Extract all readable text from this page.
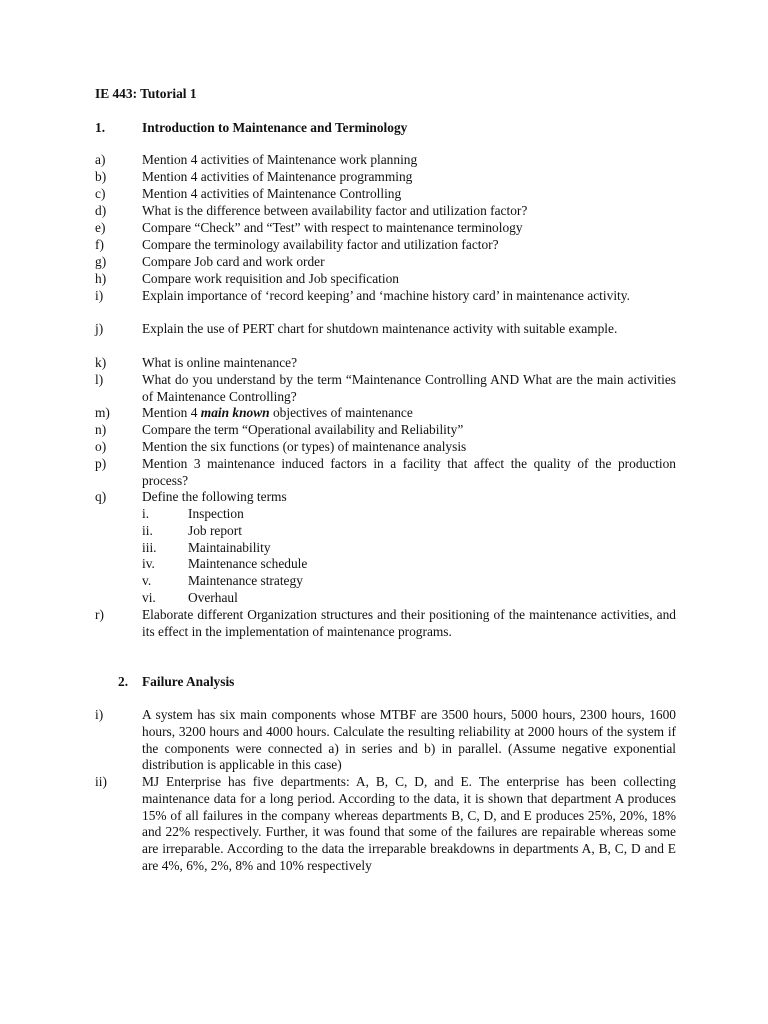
IE 443: Tutorial 1
1.	Introduction to Maintenance and Terminology
a)	Mention 4 activities of Maintenance work planning
b)	Mention 4 activities of Maintenance programming
c)	Mention 4 activities of Maintenance Controlling
d)	What is the difference between availability factor and utilization factor?
e)	Compare “Check” and “Test” with respect to maintenance terminology
f)	Compare the terminology availability factor and utilization factor?
g)	Compare Job card and work order
h)	Compare work requisition and Job specification
i)	Explain importance of ‘record keeping’ and ‘machine history card’ in maintenance activity.
j)	Explain the use of PERT chart for shutdown maintenance activity with suitable example.
k)	What is online maintenance?
l)	What do you understand by the term “Maintenance Controlling AND What are the main activities of Maintenance Controlling?
m) Mention 4 main known objectives of maintenance
n)	Compare the term “Operational availability and Reliability”
o)	Mention the six functions (or types) of maintenance analysis
p)	Mention 3 maintenance induced factors in a facility that affect the quality of the production process?
q)	Define the following terms
i.	Inspection
ii.	Job report
iii. Maintainability
iv. Maintenance schedule
v.	Maintenance strategy
vi. Overhaul
r)	Elaborate different Organization structures and their positioning of the maintenance activities, and its effect in the implementation of maintenance programs.
2. Failure Analysis
i)	A system has six main components whose MTBF are 3500 hours, 5000 hours, 2300 hours, 1600 hours, 3200 hours and 4000 hours. Calculate the resulting reliability at 2000 hours of the system if the components were connected a) in series and b) in parallel. (Assume negative exponential distribution is applicable in this case)
ii)	MJ Enterprise has five departments: A, B, C, D, and E. The enterprise has been collecting maintenance data for a long period. According to the data, it is shown that department A produces 15% of all failures in the company whereas departments B, C, D, and E produces 25%, 20%, 18% and 22% respectively. Further, it was found that some of the failures are repairable whereas some are irreparable. According to the data the irreparable breakdowns in departments A, B, C, D and E are 4%, 6%, 2%, 8% and 10% respectively
